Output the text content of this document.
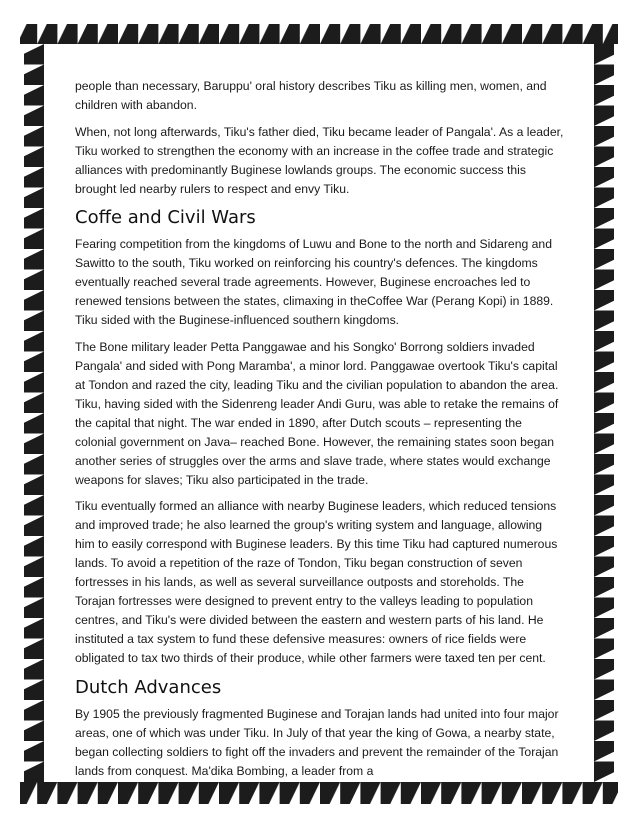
people than necessary, Baruppu' oral history describes Tiku as killing men, women, and children with abandon.

When, not long afterwards, Tiku's father died, Tiku became leader of Pangala'. As a leader, Tiku worked to strengthen the economy with an increase in the coffee trade and strategic alliances with predominantly Buginese lowlands groups. The economic success this brought led nearby rulers to respect and envy Tiku.

Coffe and Civil Wars

Fearing competition from the kingdoms of Luwu and Bone to the north and Sidareng and Sawitto to the south, Tiku worked on reinforcing his country's defences. The kingdoms eventually reached several trade agreements. However, Buginese encroaches led to renewed tensions between the states, climaxing in theCoffee War (Perang Kopi) in 1889. Tiku sided with the Buginese-influenced southern kingdoms.

The Bone military leader Petta Panggawae and his Songko' Borrong soldiers invaded Pangala' and sided with Pong Maramba', a minor lord. Panggawae overtook Tiku's capital at Tondon and razed the city, leading Tiku and the civilian population to abandon the area. Tiku, having sided with the Sidenreng leader Andi Guru, was able to retake the remains of the capital that night. The war ended in 1890, after Dutch scouts – representing the colonial government on Java– reached Bone. However, the remaining states soon began another series of struggles over the arms and slave trade, where states would exchange weapons for slaves; Tiku also participated in the trade.

Tiku eventually formed an alliance with nearby Buginese leaders, which reduced tensions and improved trade; he also learned the group's writing system and language, allowing him to easily correspond with Buginese leaders. By this time Tiku had captured numerous lands. To avoid a repetition of the raze of Tondon, Tiku began construction of seven fortresses in his lands, as well as several surveillance outposts and storeholds. The Torajan fortresses were designed to prevent entry to the valleys leading to population centres, and Tiku's were divided between the eastern and western parts of his land. He instituted a tax system to fund these defensive measures: owners of rice fields were obligated to tax two thirds of their produce, while other farmers were taxed ten per cent.

Dutch Advances

By 1905 the previously fragmented Buginese and Torajan lands had united into four major areas, one of which was under Tiku. In July of that year the king of Gowa, a nearby state, began collecting soldiers to fight off the invaders and prevent the remainder of the Torajan lands from conquest. Ma'dika Bombing, a leader from a
